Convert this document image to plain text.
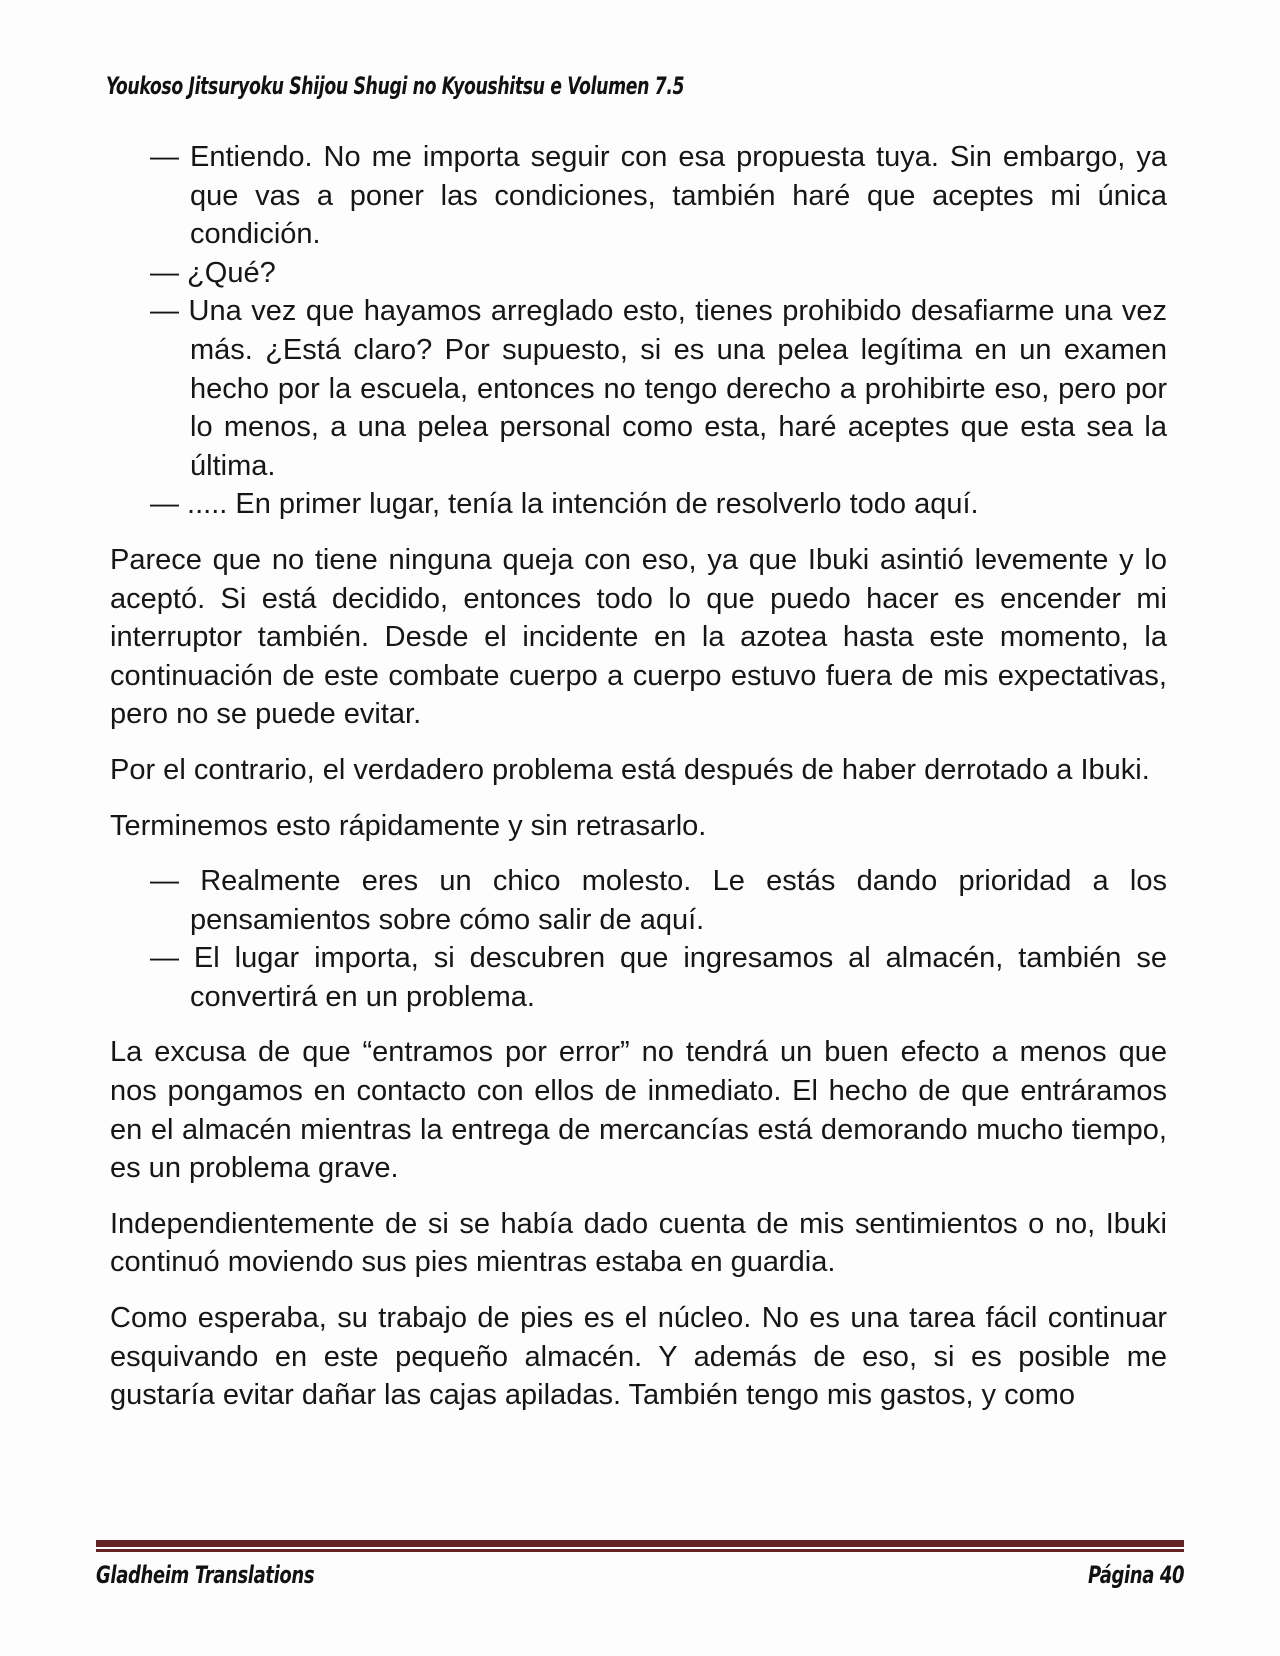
Youkoso Jitsuryoku Shijou Shugi no Kyoushitsu e Volumen 7.5
— Entiendo. No me importa seguir con esa propuesta tuya. Sin embargo, ya que vas a poner las condiciones, también haré que aceptes mi única condición.
— ¿Qué?
— Una vez que hayamos arreglado esto, tienes prohibido desafiarme una vez más. ¿Está claro? Por supuesto, si es una pelea legítima en un examen hecho por la escuela, entonces no tengo derecho a prohibirte eso, pero por lo menos, a una pelea personal como esta, haré aceptes que esta sea la última.
— ..... En primer lugar, tenía la intención de resolverlo todo aquí.
Parece que no tiene ninguna queja con eso, ya que Ibuki asintió levemente y lo aceptó. Si está decidido, entonces todo lo que puedo hacer es encender mi interruptor también. Desde el incidente en la azotea hasta este momento, la continuación de este combate cuerpo a cuerpo estuvo fuera de mis expectativas, pero no se puede evitar.
Por el contrario, el verdadero problema está después de haber derrotado a Ibuki.
Terminemos esto rápidamente y sin retrasarlo.
— Realmente eres un chico molesto. Le estás dando prioridad a los pensamientos sobre cómo salir de aquí.
— El lugar importa, si descubren que ingresamos al almacén, también se convertirá en un problema.
La excusa de que “entramos por error” no tendrá un buen efecto a menos que nos pongamos en contacto con ellos de inmediato. El hecho de que entráramos en el almacén mientras la entrega de mercancías está demorando mucho tiempo, es un problema grave.
Independientemente de si se había dado cuenta de mis sentimientos o no, Ibuki continuó moviendo sus pies mientras estaba en guardia.
Como esperaba, su trabajo de pies es el núcleo. No es una tarea fácil continuar esquivando en este pequeño almacén. Y además de eso, si es posible me gustaría evitar dañar las cajas apiladas. También tengo mis gastos, y como
Gladheim Translations	Página 40
